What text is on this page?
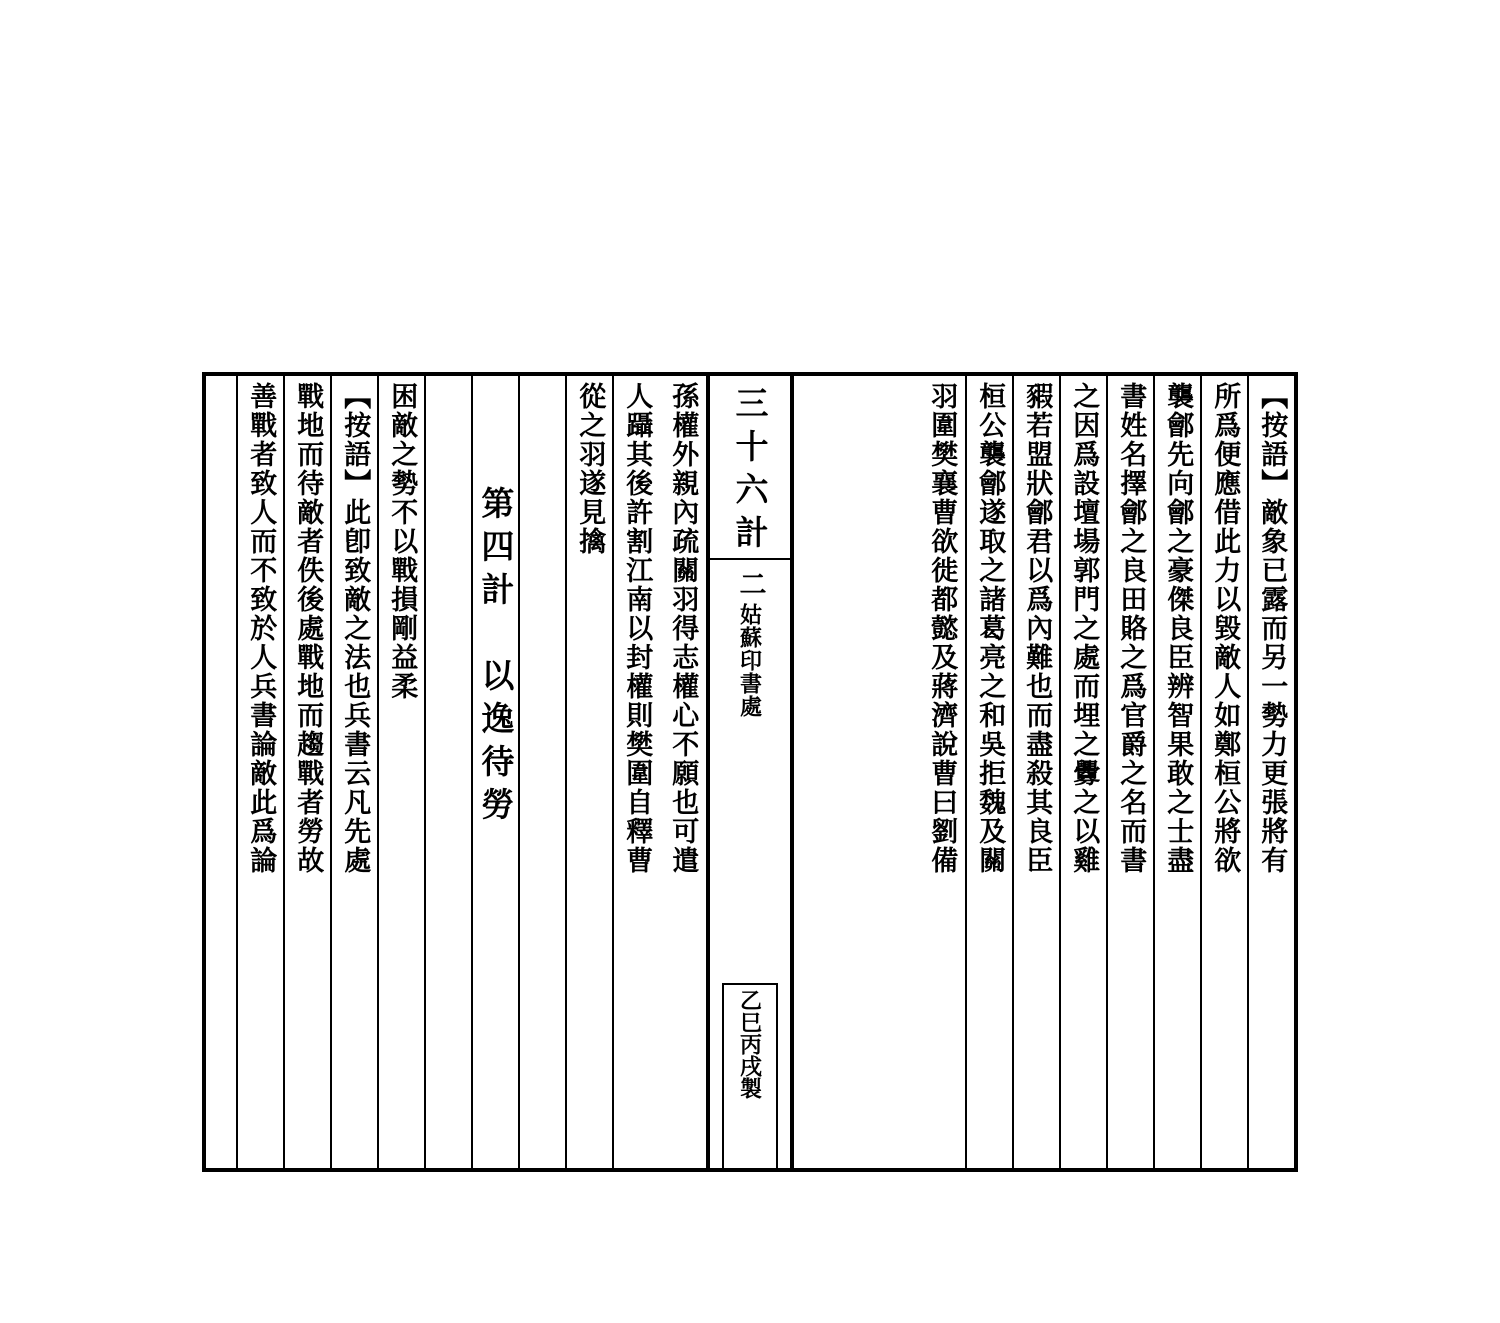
【按語】敵象已露而另一勢力更張將有
所爲便應借此力以毀敵人如鄭桓公將欲
襲鄶先向鄶之豪傑良臣辨智果敢之士盡
書姓名擇鄶之良田賂之爲官爵之名而書
之因爲設壇場郭門之處而埋之釁之以雞
豭若盟狀鄶君以爲內難也而盡殺其良臣
桓公襲鄶遂取之諸葛亮之和吳拒魏及關
羽圍樊襄曹欲徙都懿及蔣濟說曹曰劉備
三十六計
二
姑蘇印書處
乙巳丙戌製
孫權外親內疏關羽得志權心不願也可遣
人躡其後許割江南以封權則樊圍自釋曹
從之羽遂見擒
第四計　以逸待勞
困敵之勢不以戰損剛益柔
【按語】此卽致敵之法也兵書云凡先處
戰地而待敵者佚後處戰地而趨戰者勞故
善戰者致人而不致於人兵書論敵此爲論
